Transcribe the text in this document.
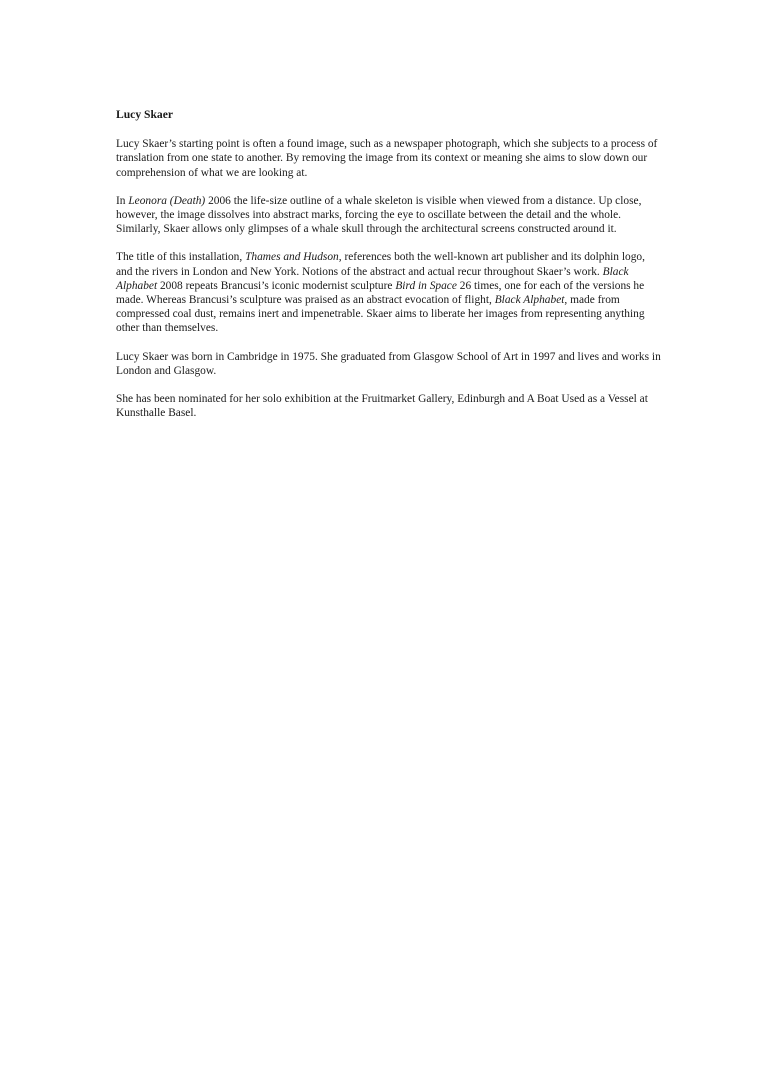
Lucy Skaer

Lucy Skaer’s starting point is often a found image, such as a newspaper photograph, which she subjects to a process of translation from one state to another. By removing the image from its context or meaning she aims to slow down our comprehension of what we are looking at.

In Leonora (Death) 2006 the life-size outline of a whale skeleton is visible when viewed from a distance. Up close, however, the image dissolves into abstract marks, forcing the eye to oscillate between the detail and the whole. Similarly, Skaer allows only glimpses of a whale skull through the architectural screens constructed around it.

The title of this installation, Thames and Hudson, references both the well-known art publisher and its dolphin logo, and the rivers in London and New York. Notions of the abstract and actual recur throughout Skaer’s work. Black Alphabet 2008 repeats Brancusi’s iconic modernist sculpture Bird in Space 26 times, one for each of the versions he made. Whereas Brancusi’s sculpture was praised as an abstract evocation of flight, Black Alphabet, made from compressed coal dust, remains inert and impenetrable. Skaer aims to liberate her images from representing anything other than themselves.

Lucy Skaer was born in Cambridge in 1975. She graduated from Glasgow School of Art in 1997 and lives and works in London and Glasgow.

She has been nominated for her solo exhibition at the Fruitmarket Gallery, Edinburgh and A Boat Used as a Vessel at Kunsthalle Basel.
